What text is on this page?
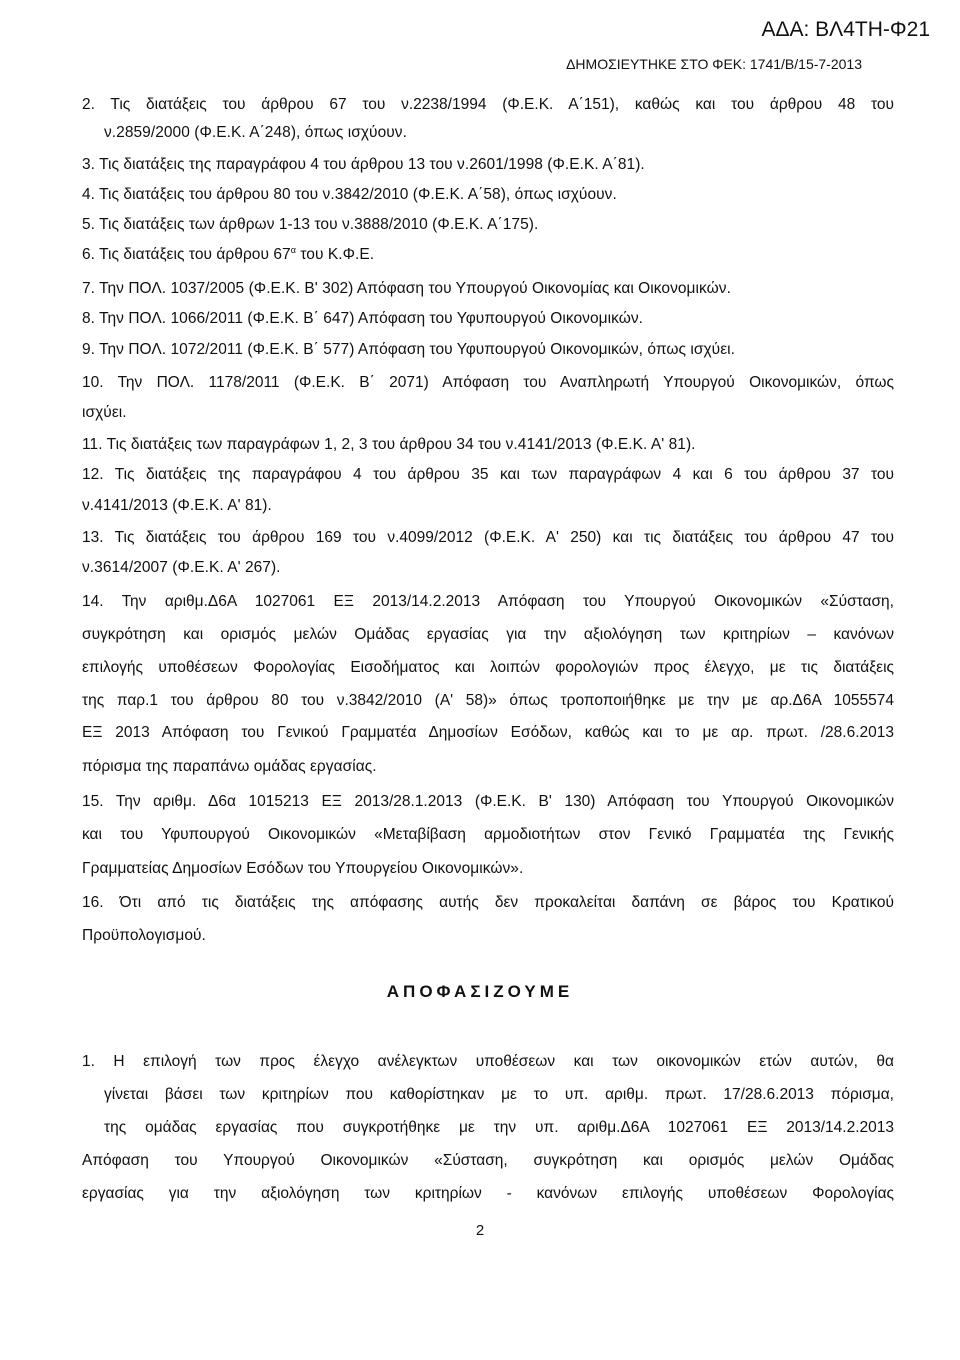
ΑΔΑ: ΒΛ4ΤΗ-Φ21
ΔΗΜΟΣΙΕΥΤΗΚΕ ΣΤΟ ΦΕΚ: 1741/Β/15-7-2013
2. Τις διατάξεις του άρθρου 67 του ν.2238/1994 (Φ.Ε.Κ. Α΄151), καθώς και του άρθρου 48 του
ν.2859/2000 (Φ.Ε.Κ. Α΄248), όπως ισχύουν.
3. Τις διατάξεις της παραγράφου 4 του άρθρου 13 του ν.2601/1998 (Φ.Ε.Κ. Α΄81).
4. Τις διατάξεις του άρθρου 80 του ν.3842/2010 (Φ.Ε.Κ. Α΄58), όπως ισχύουν.
5. Τις διατάξεις των άρθρων 1-13 του ν.3888/2010 (Φ.Ε.Κ. Α΄175).
6. Τις διατάξεις του άρθρου $67^\alpha$ του Κ.Φ.Ε.
7. Την ΠΟΛ. 1037/2005 (Φ.Ε.Κ. Β' 302) Απόφαση του Υπουργού Οικονομίας και Οικονομικών.
8. Την ΠΟΛ. 1066/2011 (Φ.Ε.Κ. Β΄ 647) Απόφαση του Υφυπουργού Οικονομικών.
9. Την ΠΟΛ. 1072/2011 (Φ.Ε.Κ. Β΄ 577) Απόφαση του Υφυπουργού Οικονομικών, όπως ισχύει.
10. Την ΠΟΛ. 1178/2011 (Φ.Ε.Κ. Β΄ 2071) Απόφαση του Αναπληρωτή Υπουργού Οικονομικών, όπως
ισχύει.
11. Τις διατάξεις των παραγράφων 1, 2, 3 του άρθρου 34 του ν.4141/2013 (Φ.Ε.Κ. Α' 81).
12. Τις διατάξεις της παραγράφου 4 του άρθρου 35 και των παραγράφων 4 και 6 του άρθρου 37 του
ν.4141/2013 (Φ.Ε.Κ. Α' 81).
13. Τις διατάξεις του άρθρου 169 του ν.4099/2012 (Φ.Ε.Κ. Α' 250) και τις διατάξεις του άρθρου 47 του
ν.3614/2007 (Φ.Ε.Κ. Α' 267).
14. Την αριθμ.Δ6Α 1027061 ΕΞ 2013/14.2.2013 Απόφαση του Υπουργού Οικονομικών «Σύσταση,
συγκρότηση και ορισμός μελών Ομάδας εργασίας για την αξιολόγηση των κριτηρίων – κανόνων
επιλογής υποθέσεων Φορολογίας Εισοδήματος και λοιπών φορολογιών προς έλεγχο, με τις διατάξεις
της παρ.1 του άρθρου 80 του ν.3842/2010 (Α' 58)» όπως τροποποιήθηκε με την με αρ.Δ6Α 1055574
ΕΞ 2013 Απόφαση του Γενικού Γραμματέα Δημοσίων Εσόδων, καθώς και το με αρ. πρωτ. /28.6.2013
πόρισμα της παραπάνω ομάδας εργασίας.
15. Την αριθμ. Δ6α 1015213 ΕΞ 2013/28.1.2013 (Φ.Ε.Κ. Β' 130) Απόφαση του Υπουργού Οικονομικών
και του Υφυπουργού Οικονομικών «Μεταβίβαση αρμοδιοτήτων στον Γενικό Γραμματέα της Γενικής
Γραμματείας Δημοσίων Εσόδων του Υπουργείου Οικονομικών».
16. Ότι από τις διατάξεις της απόφασης αυτής δεν προκαλείται δαπάνη σε βάρος του Κρατικού
Προϋπολογισμού.
ΑΠΟΦΑΣΙΖΟΥΜΕ
1. Η επιλογή των προς έλεγχο ανέλεγκτων υποθέσεων και των οικονομικών ετών αυτών, θα
γίνεται βάσει των κριτηρίων που καθορίστηκαν με το υπ. αριθμ. πρωτ. 17/28.6.2013 πόρισμα,
της ομάδας εργασίας που συγκροτήθηκε με την υπ. αριθμ.Δ6Α 1027061 ΕΞ 2013/14.2.2013
Απόφαση του Υπουργού Οικονομικών «Σύσταση, συγκρότηση και ορισμός μελών Ομάδας
εργασίας για την αξιολόγηση των κριτηρίων - κανόνων επιλογής υποθέσεων Φορολογίας
2
